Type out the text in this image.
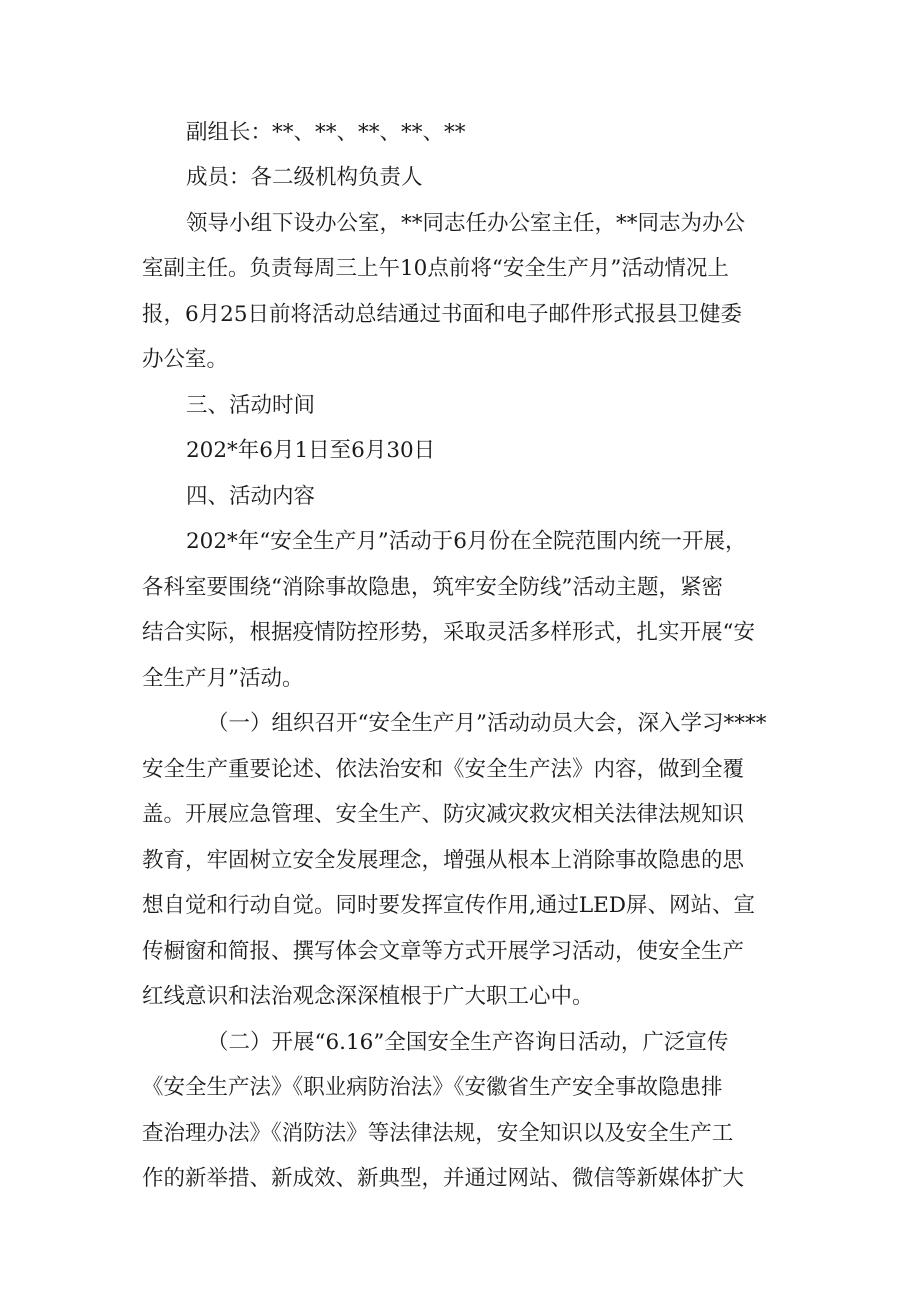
副组长：**、**、**、**、**
成员：各二级机构负责人
领导小组下设办公室，**同志任办公室主任，**同志为办公
室副主任。负责每周三上午10点前将“安全生产月”活动情况上
报，6月25日前将活动总结通过书面和电子邮件形式报县卫健委
办公室。
三、活动时间
202*年6月1日至6月30日
四、活动内容
202*年“安全生产月”活动于6月份在全院范围内统一开展，
各科室要围绕“消除事故隐患，筑牢安全防线”活动主题，紧密
结合实际，根据疫情防控形势，采取灵活多样形式，扎实开展“安
全生产月”活动。
（一）组织召开“安全生产月”活动动员大会，深入学习****
安全生产重要论述、依法治安和《安全生产法》内容，做到全覆
盖。开展应急管理、安全生产、防灾减灾救灾相关法律法规知识
教育，牢固树立安全发展理念，增强从根本上消除事故隐患的思
想自觉和行动自觉。同时要发挥宣传作用,通过LED屏、网站、宣
传橱窗和简报、撰写体会文章等方式开展学习活动，使安全生产
红线意识和法治观念深深植根于广大职工心中。
（二）开展“6.16”全国安全生产咨询日活动，广泛宣传
《安全生产法》《职业病防治法》《安徽省生产安全事故隐患排
查治理办法》《消防法》等法律法规，安全知识以及安全生产工
作的新举措、新成效、新典型，并通过网站、微信等新媒体扩大
